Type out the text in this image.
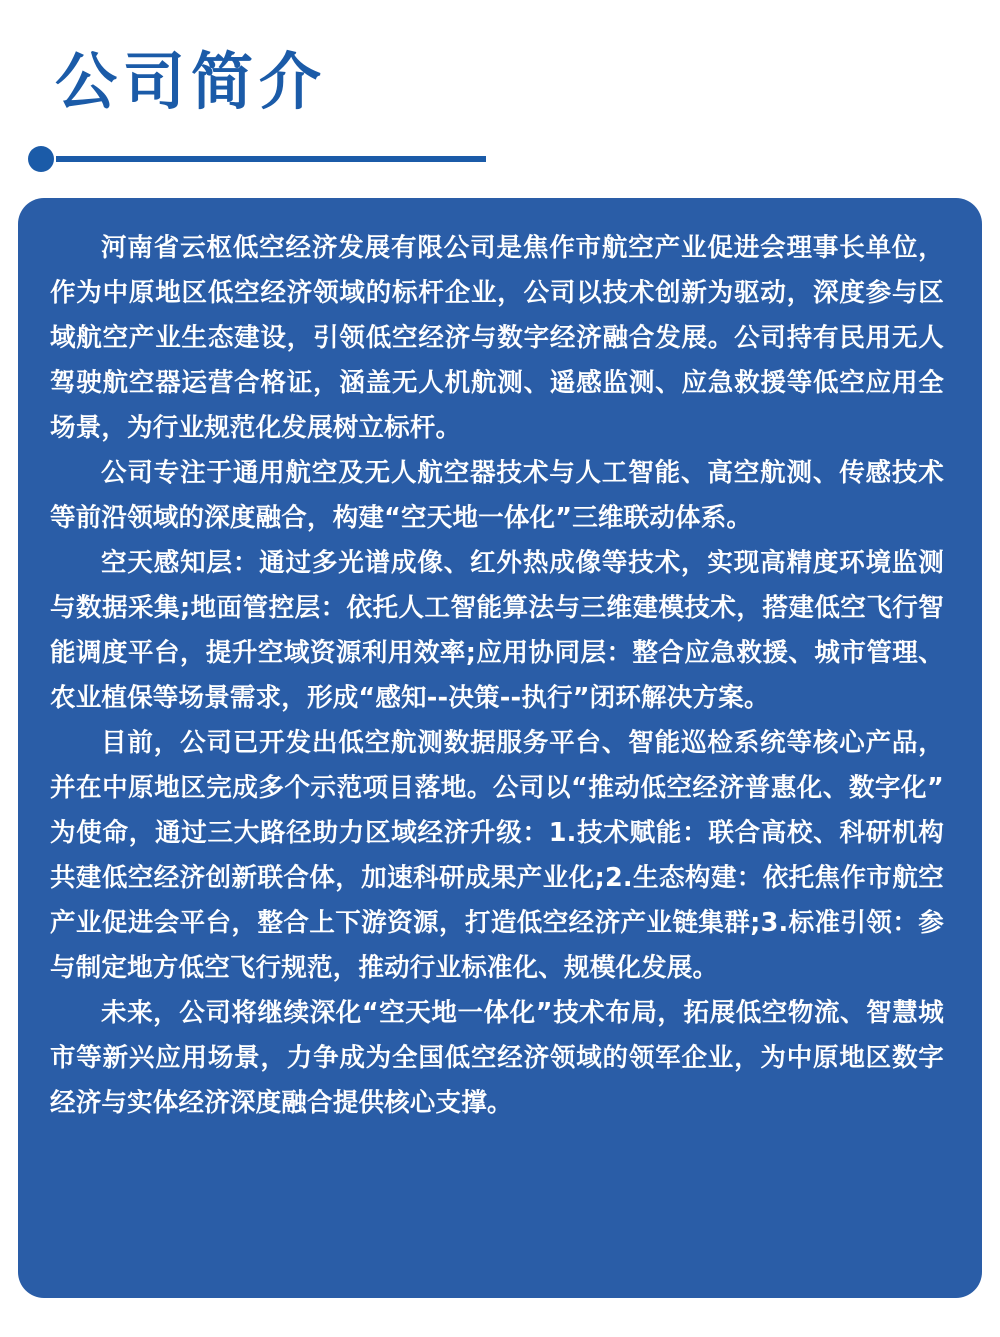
公司简介

河南省云枢低空经济发展有限公司是焦作市航空产业促进会理事长单位，作为中原地区低空经济领域的标杆企业，公司以技术创新为驱动，深度参与区域航空产业生态建设，引领低空经济与数字经济融合发展。公司持有民用无人驾驶航空器运营合格证，涵盖无人机航测、遥感监测、应急救援等低空应用全场景，为行业规范化发展树立标杆。

公司专注于通用航空及无人航空器技术与人工智能、高空航测、传感技术等前沿领域的深度融合，构建“空天地一体化”三维联动体系。

空天感知层：通过多光谱成像、红外热成像等技术，实现高精度环境监测与数据采集;地面管控层：依托人工智能算法与三维建模技术，搭建低空飞行智能调度平台，提升空域资源利用效率;应用协同层：整合应急救援、城市管理、农业植保等场景需求，形成“感知--决策--执行”闭环解决方案。

目前，公司已开发出低空航测数据服务平台、智能巡检系统等核心产品，并在中原地区完成多个示范项目落地。公司以“推动低空经济普惠化、数字化”为使命，通过三大路径助力区域经济升级：1.技术赋能：联合高校、科研机构共建低空经济创新联合体，加速科研成果产业化;2.生态构建：依托焦作市航空产业促进会平台，整合上下游资源，打造低空经济产业链集群;3.标准引领：参与制定地方低空飞行规范，推动行业标准化、规模化发展。

未来，公司将继续深化“空天地一体化”技术布局，拓展低空物流、智慧城市等新兴应用场景，力争成为全国低空经济领域的领军企业，为中原地区数字经济与实体经济深度融合提供核心支撑。
